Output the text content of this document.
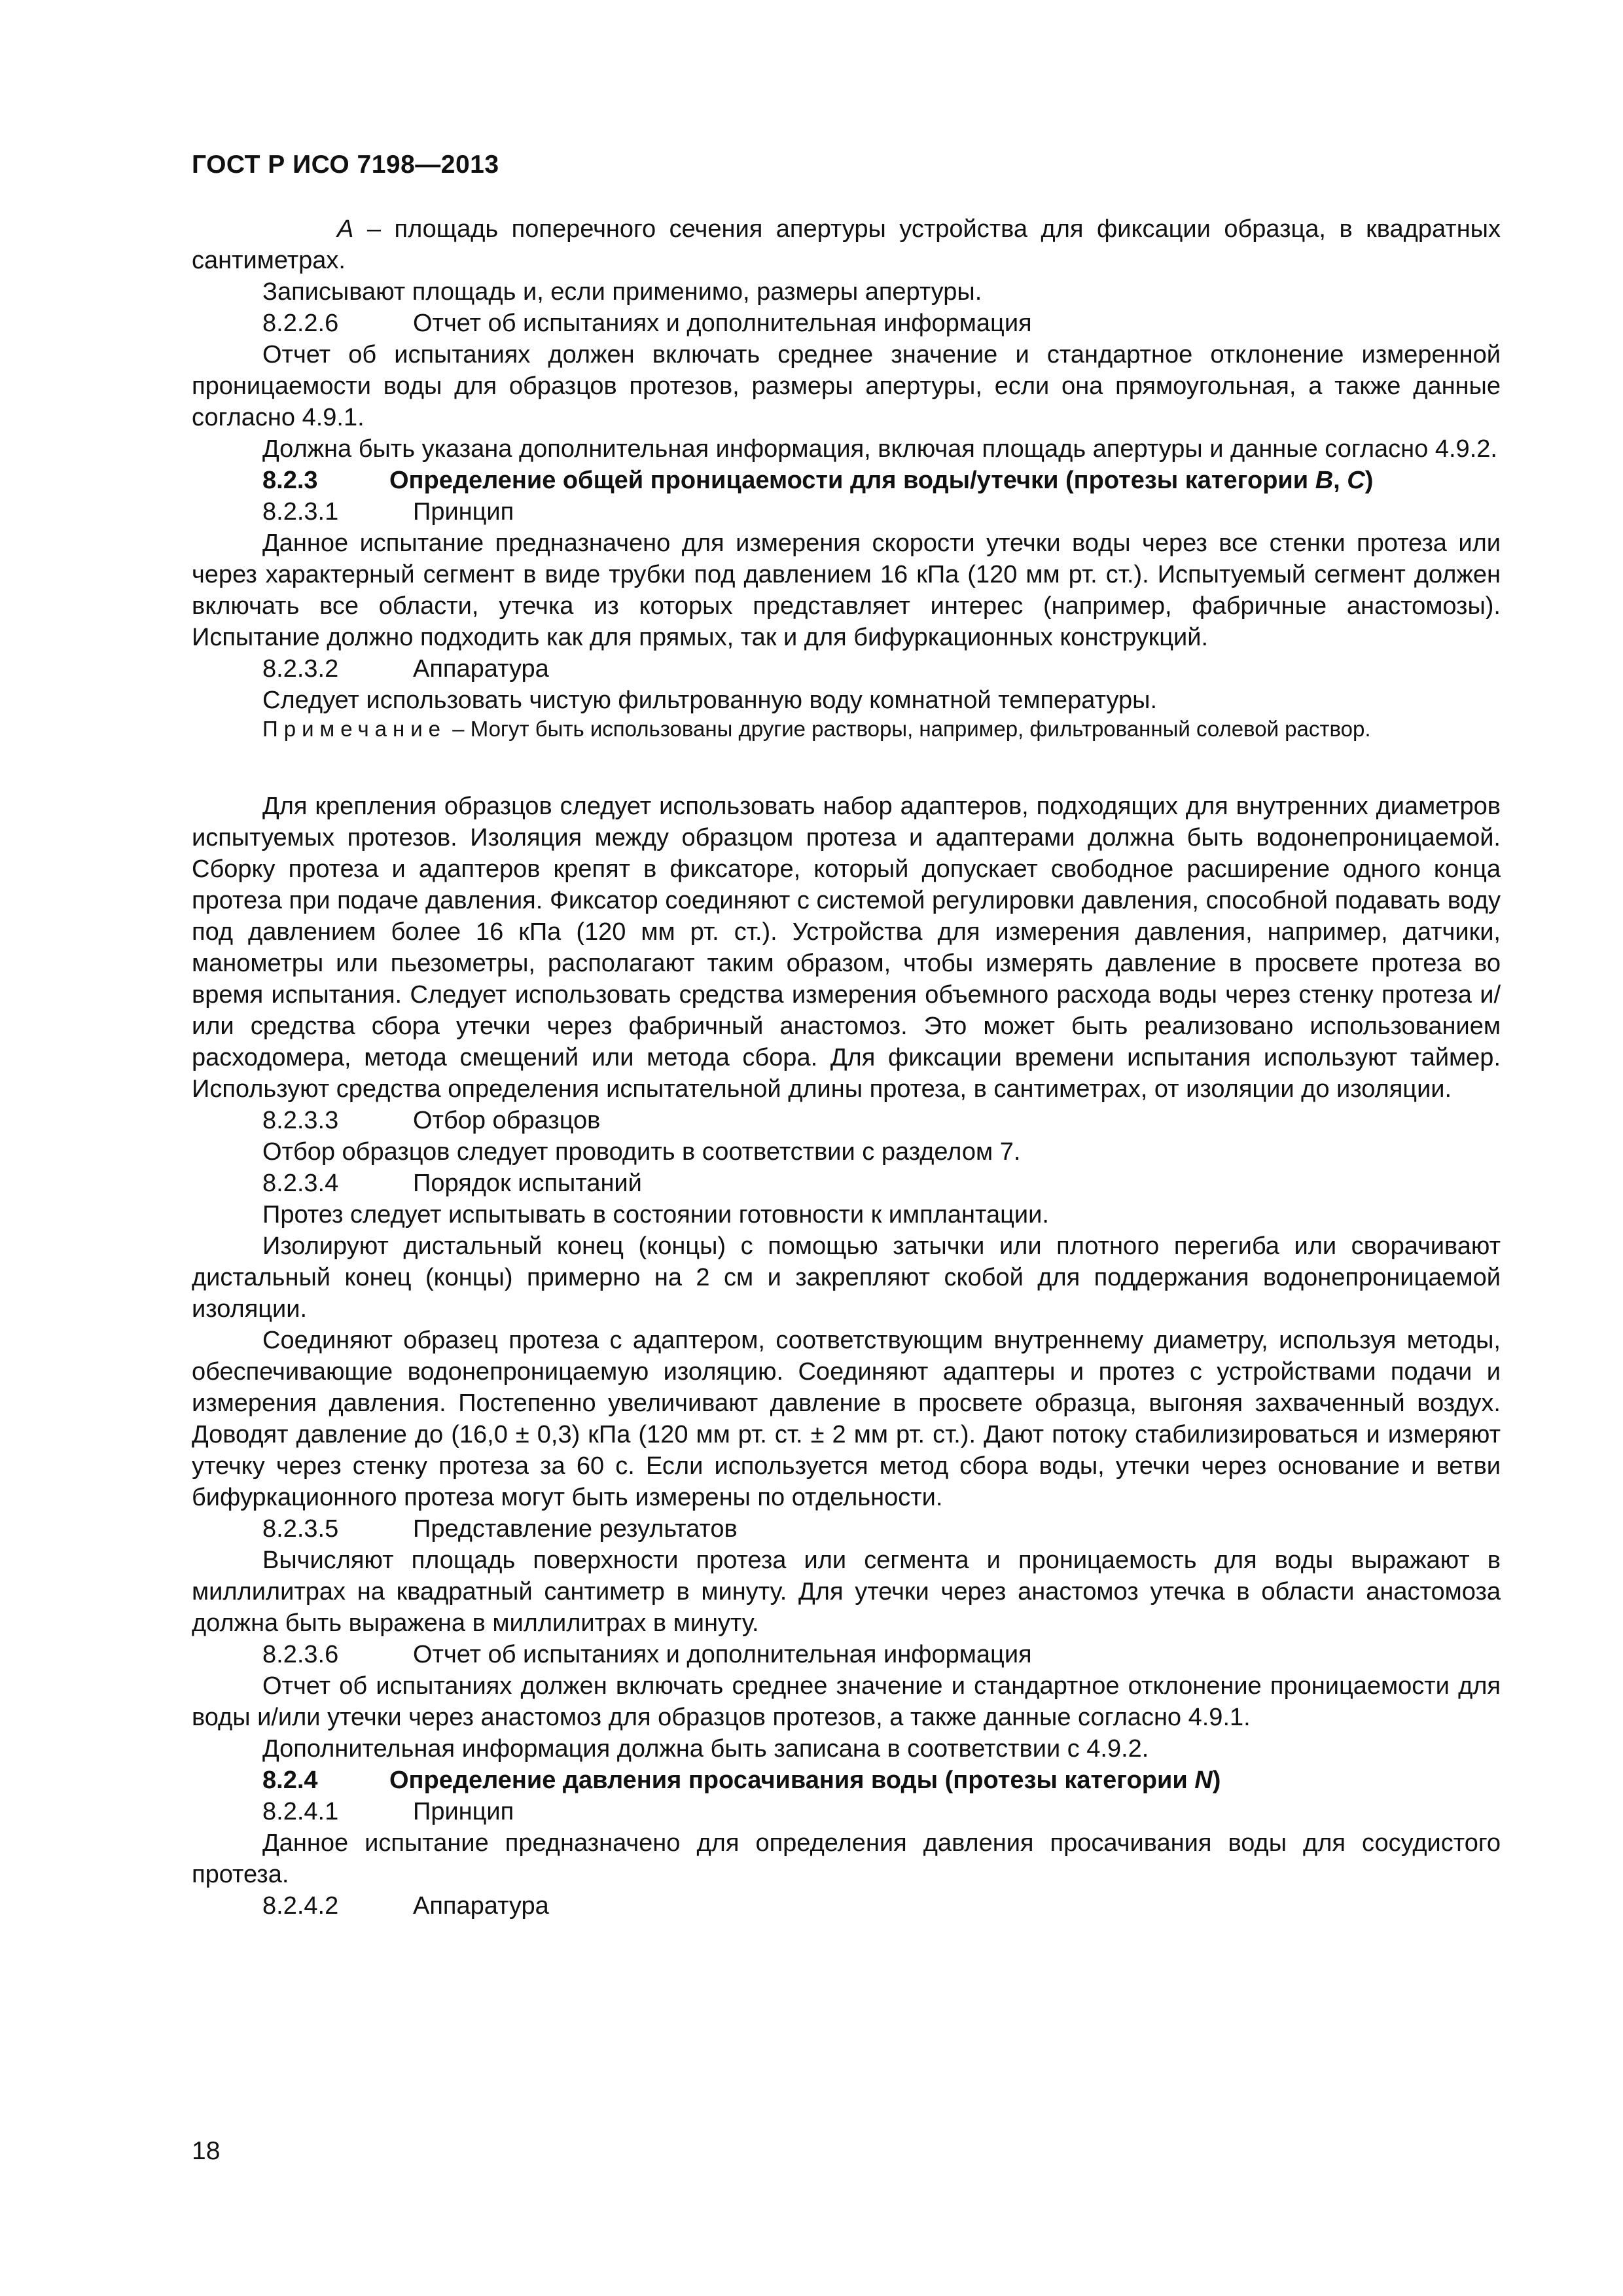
ГОСТ Р ИСО 7198—2013

А – площадь поперечного сечения апертуры устройства для фиксации образца, в квадратных сантиметрах.

Записывают площадь и, если применимо, размеры апертуры.

8.2.2.6	Отчет об испытаниях и дополнительная информация

Отчет об испытаниях должен включать среднее значение и стандартное отклонение измеренной проницаемости воды для образцов протезов, размеры апертуры, если она прямоугольная, а также данные согласно 4.9.1.

Должна быть указана дополнительная информация, включая площадь апертуры и данные согласно 4.9.2.

8.2.3	Определение общей проницаемости для воды/утечки (протезы категории B, C)

8.2.3.1	Принцип

Данное испытание предназначено для измерения скорости утечки воды через все стенки протеза или через характерный сегмент в виде трубки под давлением 16 кПа (120 мм рт. ст.). Испытуемый сегмент должен включать все области, утечка из которых представляет интерес (например, фабричные анастомозы). Испытание должно подходить как для прямых, так и для бифуркационных конструкций.

8.2.3.2	Аппаратура

Следует использовать чистую фильтрованную воду комнатной температуры.

Примечание – Могут быть использованы другие растворы, например, фильтрованный солевой раствор.

Для крепления образцов следует использовать набор адаптеров, подходящих для внутренних диаметров испытуемых протезов. Изоляция между образцом протеза и адаптерами должна быть водонепроницаемой. Сборку протеза и адаптеров крепят в фиксаторе, который допускает свободное расширение одного конца протеза при подаче давления. Фиксатор соединяют с системой регулировки давления, способной подавать воду под давлением более 16 кПа (120 мм рт. ст.). Устройства для измерения давления, например, датчики, манометры или пьезометры, располагают таким образом, чтобы измерять давление в просвете протеза во время испытания. Следует использовать средства измерения объемного расхода воды через стенку протеза и/или средства сбора утечки через фабричный анастомоз. Это может быть реализовано использованием расходомера, метода смещений или метода сбора. Для фиксации времени испытания используют таймер. Используют средства определения испытательной длины протеза, в сантиметрах, от изоляции до изоляции.

8.2.3.3	Отбор образцов

Отбор образцов следует проводить в соответствии с разделом 7.

8.2.3.4	Порядок испытаний

Протез следует испытывать в состоянии готовности к имплантации.

Изолируют дистальный конец (концы) с помощью затычки или плотного перегиба или сворачивают дистальный конец (концы) примерно на 2 см и закрепляют скобой для поддержания водонепроницаемой изоляции.

Соединяют образец протеза с адаптером, соответствующим внутреннему диаметру, используя методы, обеспечивающие водонепроницаемую изоляцию. Соединяют адаптеры и протез с устройствами подачи и измерения давления. Постепенно увеличивают давление в просвете образца, выгоняя захваченный воздух. Доводят давление до (16,0 ± 0,3) кПа (120 мм рт. ст. ± 2 мм рт. ст.). Дают потоку стабилизироваться и измеряют утечку через стенку протеза за 60 с. Если используется метод сбора воды, утечки через основание и ветви бифуркационного протеза могут быть измерены по отдельности.

8.2.3.5	Представление результатов

Вычисляют площадь поверхности протеза или сегмента и проницаемость для воды выражают в миллилитрах на квадратный сантиметр в минуту. Для утечки через анастомоз утечка в области анастомоза должна быть выражена в миллилитрах в минуту.

8.2.3.6	Отчет об испытаниях и дополнительная информация

Отчет об испытаниях должен включать среднее значение и стандартное отклонение проницаемости для воды и/или утечки через анастомоз для образцов протезов, а также данные согласно 4.9.1.

Дополнительная информация должна быть записана в соответствии с 4.9.2.

8.2.4	Определение давления просачивания воды (протезы категории N)

8.2.4.1	Принцип

Данное испытание предназначено для определения давления просачивания воды для сосудистого протеза.

8.2.4.2	Аппаратура

18
